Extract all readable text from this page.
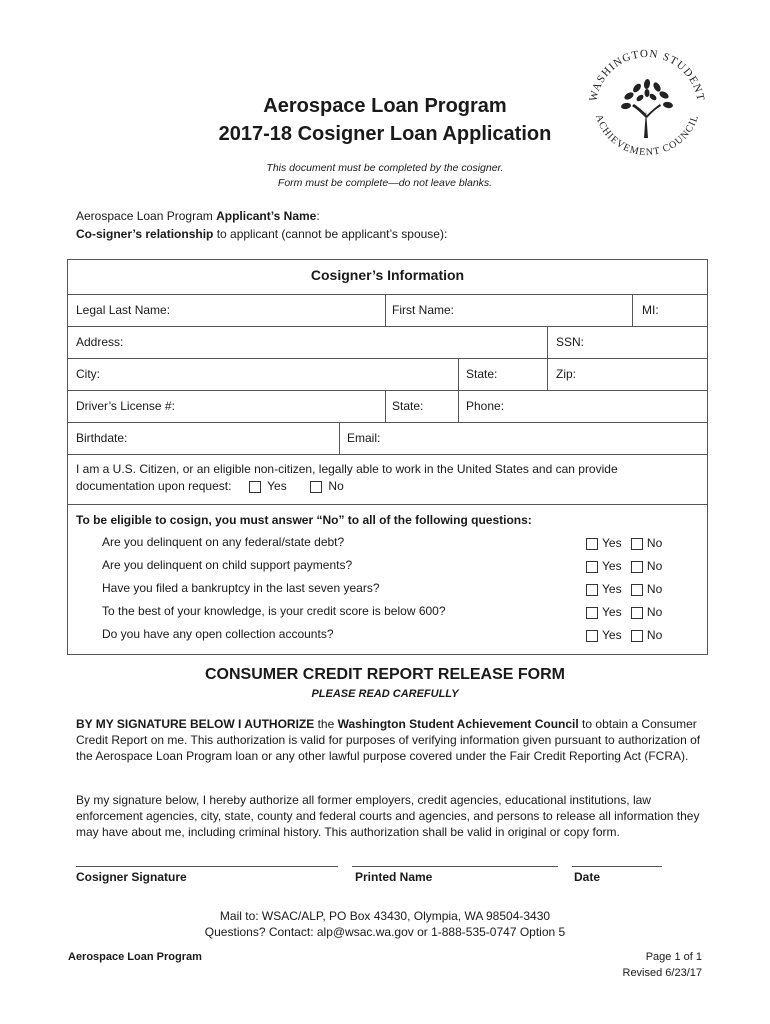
WASHINGTON STUDENT
ACHIEVEMENT COUNCIL
Aerospace Loan Program
2017-18 Cosigner Loan Application
This document must be completed by the cosigner.
Form must be complete—do not leave blanks.
Aerospace Loan Program Applicant’s Name:
Co-signer’s relationship to applicant (cannot be applicant’s spouse):
Cosigner’s Information
Legal Last Name:	First Name:	MI:
Address:	SSN:
City:	State:	Zip:
Driver’s License #:	State:	Phone:
Birthdate:	Email:
I am a U.S. Citizen, or an eligible non-citizen, legally able to work in the United States and can provide
documentation upon request:	Yes	No
To be eligible to cosign, you must answer “No” to all of the following questions:
Are you delinquent on any federal/state debt?	Yes No
Are you delinquent on child support payments?	Yes No
Have you filed a bankruptcy in the last seven years?	Yes No
To the best of your knowledge, is your credit score is below 600?	Yes No
Do you have any open collection accounts?	Yes No
CONSUMER CREDIT REPORT RELEASE FORM
PLEASE READ CAREFULLY
BY MY SIGNATURE BELOW I AUTHORIZE the Washington Student Achievement Council to obtain a Consumer Credit Report on me. This authorization is valid for purposes of verifying information given pursuant to authorization of the Aerospace Loan Program loan or any other lawful purpose covered under the Fair Credit Reporting Act (FCRA).
By my signature below, I hereby authorize all former employers, credit agencies, educational institutions, law enforcement agencies, city, state, county and federal courts and agencies, and persons to release all information they may have about me, including criminal history. This authorization shall be valid in original or copy form.
Cosigner Signature	Printed Name	Date
Mail to: WSAC/ALP, PO Box 43430, Olympia, WA 98504-3430
Questions? Contact: alp@wsac.wa.gov or 1-888-535-0747 Option 5
Aerospace Loan Program	Page 1 of 1
Revised 6/23/17
